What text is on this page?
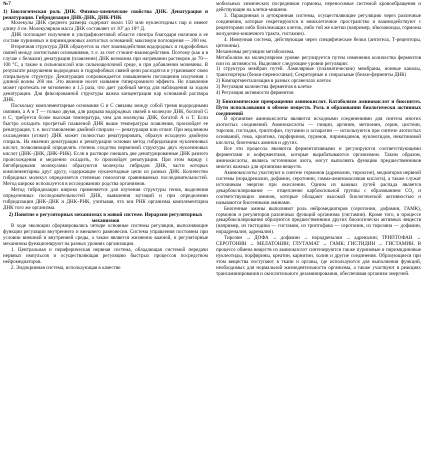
№7

1) Биологическая роль ДНК. Физико-химические свойства ДНК. Денатурация и ренатурация. Гибридизация ДНК-ДНК, ДНК-РНК

Молекулы ДНК среднего размера содержат около 150 млн нуклеотидных пар и имеют длину 4 см. Молекулярная масса ДНК составляет от 10⁷ до 10¹¹ Д.

ДНК поглощает излучение в ультрафиолетовой области спектра благодаря наличию в ее составе пуриновых и пиримидиновых азотистых оснований; максимум поглощения — 260 нм.

Вторичная структура ДНК образуется за счет взаимодействия водородных и гидрофобных связей между азотистыми основаниями, т. е. за счет стэкинг-взаимодействия. Поэтому (как и в случае с белками) денатурация (плавление) ДНК возможна при нагревании растворов до 70—100 °С, а также в сильнокислой или сильнощелочной среде, и при добавлении мочевины. В результате разрушения водородных и гидрофобных связей цепи расходятся и утрачивают свою спиральную структуру. Денатурация сопровождается повышением поглощения излучения с длиной волны 260 нм. Это явление носит название гиперхромного эффекта. Но плавление может протекать не мгновенно и 1,5 раза, что дает удобный метод для наблюдения за ходом денатурации. Для фиксированной структуры важна концентрация пар оснований раствора ДНК.

Поскольку комплементарные основания G и C связаны между собой тремя водородными связями, а А и Т — только двумя, для разрыва водородных связей в молекуле ДНК, богатой G и C, требуется более высокая температура, чем для молекулы ДНК, богатой А и Т. Если быстро охладить прогретый плавленой ДНК выше температуры плавления, произойдет ее ренатурация, т. е. восстановление двойной спирали — ренатурация или отжиг. При медленном охлаждении (отжиг) ДНК может полностью ренатурировать, образуя исходную двойную спираль. На явлении денатурации и ренатурации основан метод гибридизации нуклеиновых кислот, позволяющий определять степень сходства первичной структуры двух нуклеиновых кислот (ДНК–ДНК, ДНК–РНК). Если в растворе смешать две денатурированные ДНК разного происхождения и медленно охладить, то произойдет ренатурация. При этом наряду с бигибридными молекулами образуются молекулы гибридов ДНК, части которых комплементарны друг другу, содержащие нуклеотидные цепи из разных ДНК. Количество гибридных молекул определяется степенью гомологии сравниваемых последовательностей. Метод широко используется в исследованиях родства организмов.

Метод гибридизации широко применяется для изучения структуры генов, выделения определенных последовательностей ДНК, выявления мутаций и при определении гибридизации ДНК–ДНК и ДНК–РНК, учитывая, что вся РНК организма комплементарна ДНК того же организма.

2) Понятие о регуляторных механизмах в живой системе. Иерархия регуляторных механизмов

В ходе эволюции сформировались четыре основные системы регуляции, выполняющие функции регуляции внутреннего и внешнего равновесия. Система управления постоянна при условии внешней и внутренней среды, а также является жизненно важной, и регуляторные механизмы функционируют на разных уровнях организации.

1. Центральная и периферическая нервная система, обладающая системой передачи нервных импульсов и осуществляющая регуляцию быстрых процессов посредством нейромедиаторов.

2. Эндокринная система, использующая в качестве

мобильных химических посредников гормоны, переносимые системой кровообращения и действующие на клетки-мишени.

3. Паракринная и аутокринная системы, осуществляющие регуляцию через различные соединения, которые секретируются в межклеточное пространство и взаимодействуют с рецепторами либо близлежащих клеток, либо той же клетки (например, эйкозаноиды, гормоны желудочно-кишечного тракта, гистамин).

4. Иммунная система, действующая через специфические белки (антитела, Т-рецепторы, цитокины).

Механизмы регуляции метаболизма.

Метаболизм на молекулярном уровне регулируется путем изменения количества ферментов или их активности. Выделяют следующие уровни регуляции:

1) структура мембран путей. Ламелярные (плазматические) мембраны, ионные каналы, транспортеры (белки-переносчики); Секреторные и спиральные (белки-ферменты ДНК)

2) Компартментализация в разных органеллах клеток

3) Регуляция количества ферментов в клетке

4) Регуляция активности ферментов

3) Биохимические превращения аминокислот. Катаболизм аминокислот и биосинтез. Пути использования в обмене веществ. Роль в образовании биологически активных соединений

В организме аминокислоты являются исходными соединениями для синтеза многих азотистых соединений. Аминокислоты — глицин, аргинин, метионин, серин, цистеин, тирозин, гистидин, триптофан, глутамин и аспарагин — используются при синтезе азотистых оснований, гема, креатина, порфиринов, пуринов, пиримидинов, нуклеотидов, никотиновой кислоты, биогенных аминов и других.

Все эти процессы являются ферментативными и регулируются соответствующими ферментами и коферментами, которые вырабатываются организмом. Таким образом, аминокислоты, являясь источником азота, могут выполнять функцию предшественников многих важных для организма веществ.

Аминокислоты участвуют в синтезе гормонов (адреналин, тироксин), медиаторов нервной системы (норадреналин, дофамин, серотонин, гамма-аминомасляная кислота), а также служат источником энергии при окислении. Одним из важных путей распада является декарбоксилирование — отщепление карбоксильной группы с образованием CO₂ и соответствующих аминов, которые обладают высокой биологической активностью и называются биогенными аминами.

Биогенные амины выполняют роль нейромедиаторов (серотонин, дофамин, ГАМК), гормонов и регуляторов различных функций организма (гистамин). Кроме того, в процессе декарбоксилирования образуются предшественники других биологически активных веществ (например, из гистидина — гистамин, из триптофана — серотонин, из тирозина — дофамин, норадреналин, адреналин).

Тирозин → ДОФА → дофамин → норадреналин → адреналин; ТРИПТОФАН → СЕРОТОНИН → МЕЛАТОНИН; ГЛУТАМАТ → ГАМК; ГИСТИДИН → ГИСТАМИН. В процессе обмена веществ из аминокислот синтезируются также пуриновые и пиримидиновые нуклеотиды, порфирины, креатин, карнитин, холин и другие соединения. Образующиеся при этом вещества поступают в ткани и органы, где используются для выполнения функций, необходимых для нормальной жизнедеятельности организма, а также участвуют в реакциях трансаминирования и окислительного дезаминирования, обеспечивая организм энергией.
